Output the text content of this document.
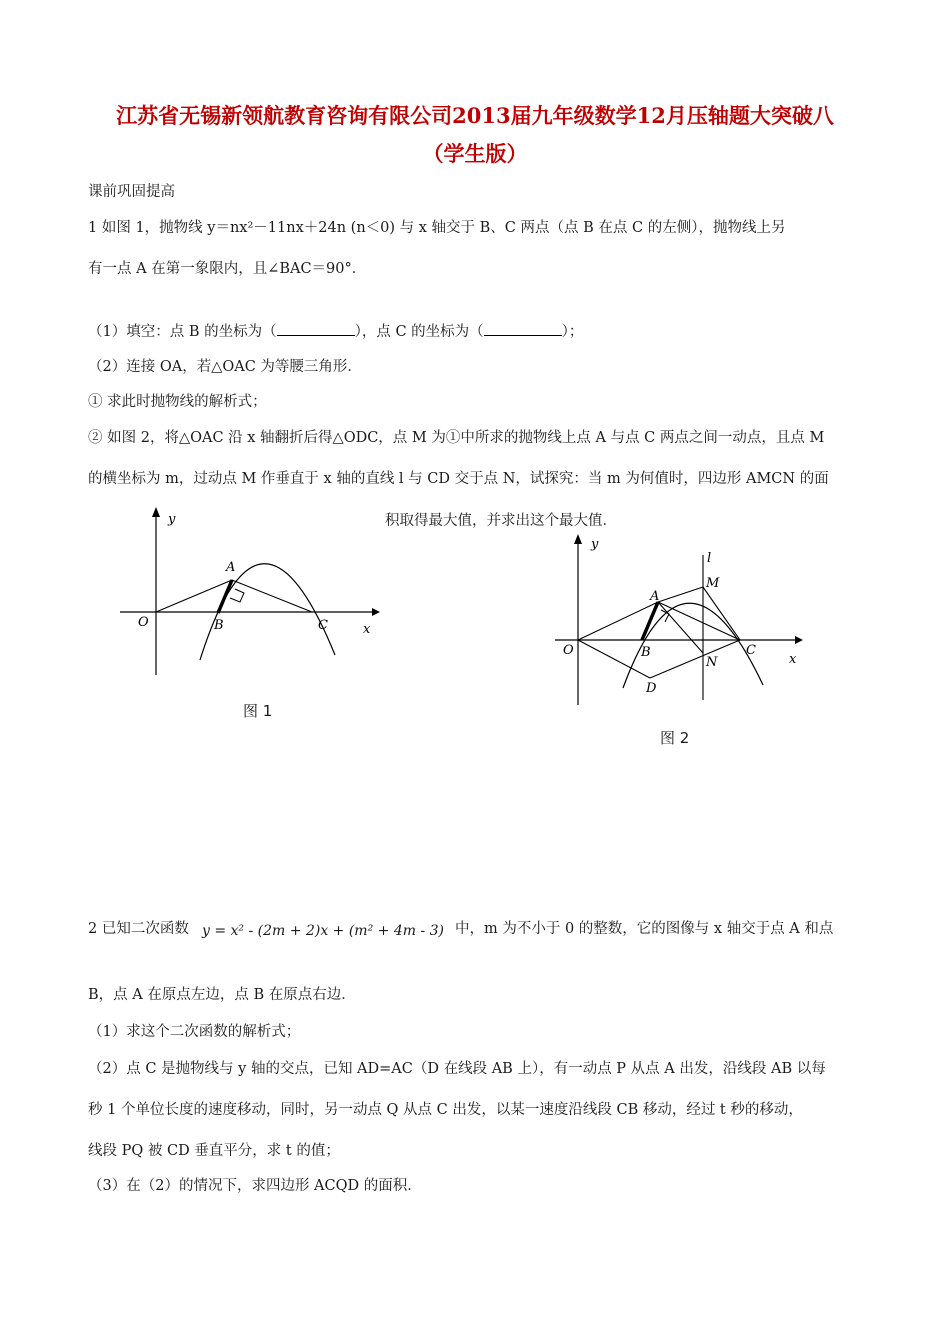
江苏省无锡新领航教育咨询有限公司2013届九年级数学12月压轴题大突破八
（学生版）
课前巩固提高
1 如图 1，抛物线 y＝nx²－11nx＋24n (n＜0) 与 x 轴交于 B、C 两点（点 B 在点 C 的左侧），抛物线上另
有一点 A 在第一象限内，且∠BAC＝90°．
（1）填空：点 B 的坐标为（	），点 C 的坐标为（	）；
（2）连接 OA，若△OAC 为等腰三角形．
① 求此时抛物线的解析式；
② 如图 2，将△OAC 沿 x 轴翻折后得△ODC，点 M 为①中所求的抛物线上点 A 与点 C 两点之间一动点，且点 M
的横坐标为 m，过动点 M 作垂直于 x 轴的直线 l 与 CD 交于点 N，试探究：当 m 为何值时，四边形 AMCN 的面
积取得最大值，并求出这个最大值．
y
x
O
A
B	C
图 1
y
x
O
A
B	C
D
M
N
l
图 2
2 已知二次函数 y = x² - (2m + 2)x + (m² + 4m - 3) 中，m 为不小于 0 的整数，它的图像与 x 轴交于点 A 和点
B，点 A 在原点左边，点 B 在原点右边．
（1）求这个二次函数的解析式；
（2）点 C 是抛物线与 y 轴的交点，已知 AD=AC（D 在线段 AB 上），有一动点 P 从点 A 出发，沿线段 AB 以每
秒 1 个单位长度的速度移动，同时，另一动点 Q 从点 C 出发，以某一速度沿线段 CB 移动，经过 t 秒的移动，
线段 PQ 被 CD 垂直平分，求 t 的值；
（3）在（2）的情况下，求四边形 ACQD 的面积．
